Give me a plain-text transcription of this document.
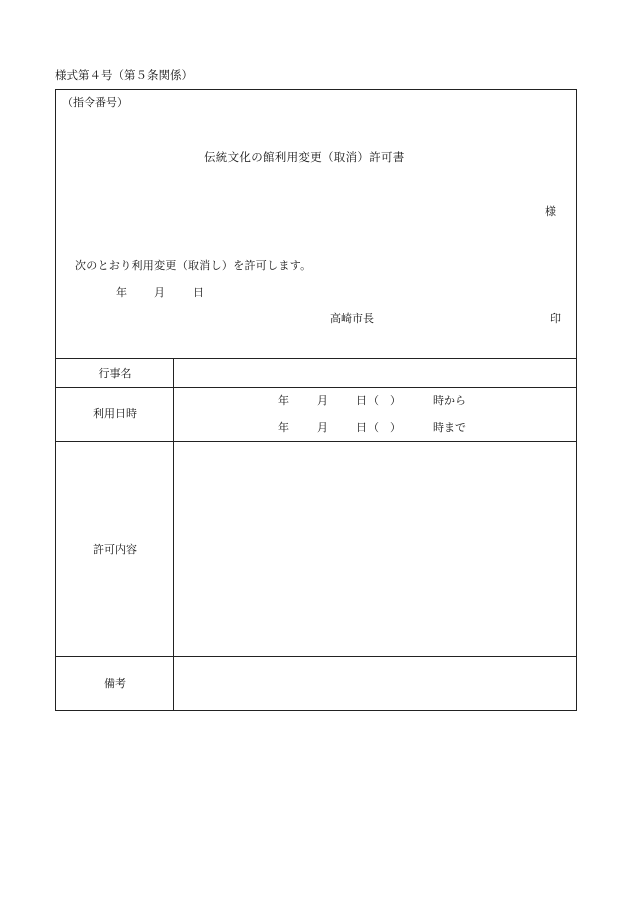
様式第４号（第５条関係）
（指令番号）
伝統文化の館利用変更（取消）許可書
様
次のとおり利用変更（取消し）を許可します。
年 月	日
高崎市長	印
行事名
利用日時
年	月	日 （　）	時から
年	月	日 （　）	時まで
許可内容
備考
